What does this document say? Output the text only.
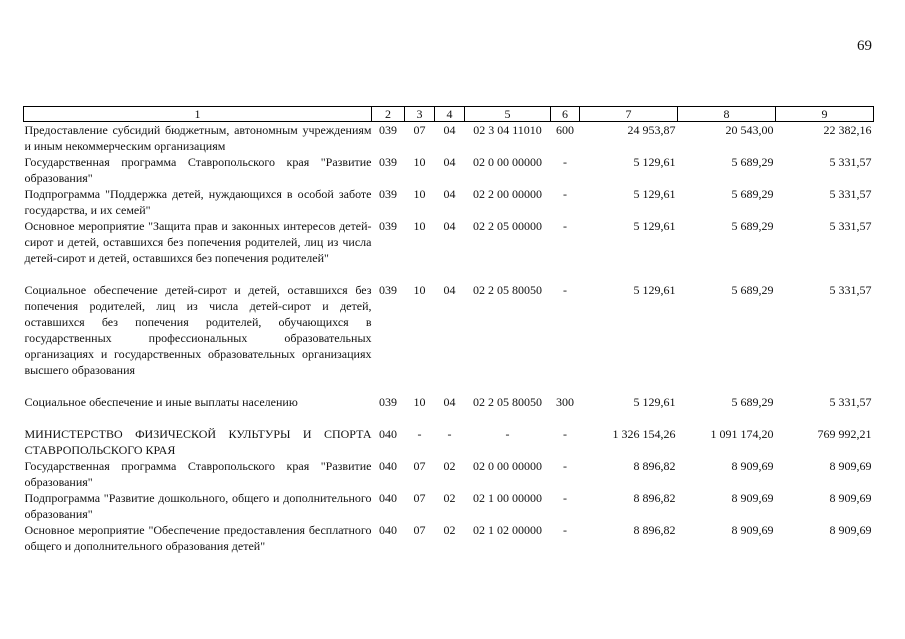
69
1	2	3	4	5	6	7	8	9
Предоставление субсидий бюджетным, автономным учреждениям и иным некоммерческим организациям	039	07	04	02 3 04 11010	600	24 953,87	20 543,00	22 382,16
Государственная программа Ставропольского края "Развитие образования"	039	10	04	02 0 00 00000	-	5 129,61	5 689,29	5 331,57
Подпрограмма "Поддержка детей, нуждающихся в особой заботе государства, и их семей"	039	10	04	02 2 00 00000	-	5 129,61	5 689,29	5 331,57
Основное мероприятие "Защита прав и законных интересов детей-сирот и детей, оставшихся без попечения родителей, лиц из числа детей-сирот и детей, оставшихся без попечения родителей"	039	10	04	02 2 05 00000	-	5 129,61	5 689,29	5 331,57
Социальное обеспечение детей-сирот и детей, оставшихся без попечения родителей, лиц из числа детей-сирот и детей, оставшихся без попечения родителей, обучающихся в государственных профессиональных образовательных организациях и государственных образовательных организациях высшего образования	039	10	04	02 2 05 80050	-	5 129,61	5 689,29	5 331,57
Социальное обеспечение и иные выплаты населению	039	10	04	02 2 05 80050	300	5 129,61	5 689,29	5 331,57
МИНИСТЕРСТВО ФИЗИЧЕСКОЙ КУЛЬТУРЫ И СПОРТА СТАВРОПОЛЬСКОГО КРАЯ	040	-	-	-	-	1 326 154,26	1 091 174,20	769 992,21
Государственная программа Ставропольского края "Развитие образования"	040	07	02	02 0 00 00000	-	8 896,82	8 909,69	8 909,69
Подпрограмма "Развитие дошкольного, общего и дополнительного образования"	040	07	02	02 1 00 00000	-	8 896,82	8 909,69	8 909,69
Основное мероприятие "Обеспечение предоставления бесплатного общего и дополнительного образования детей"	040	07	02	02 1 02 00000	-	8 896,82	8 909,69	8 909,69
